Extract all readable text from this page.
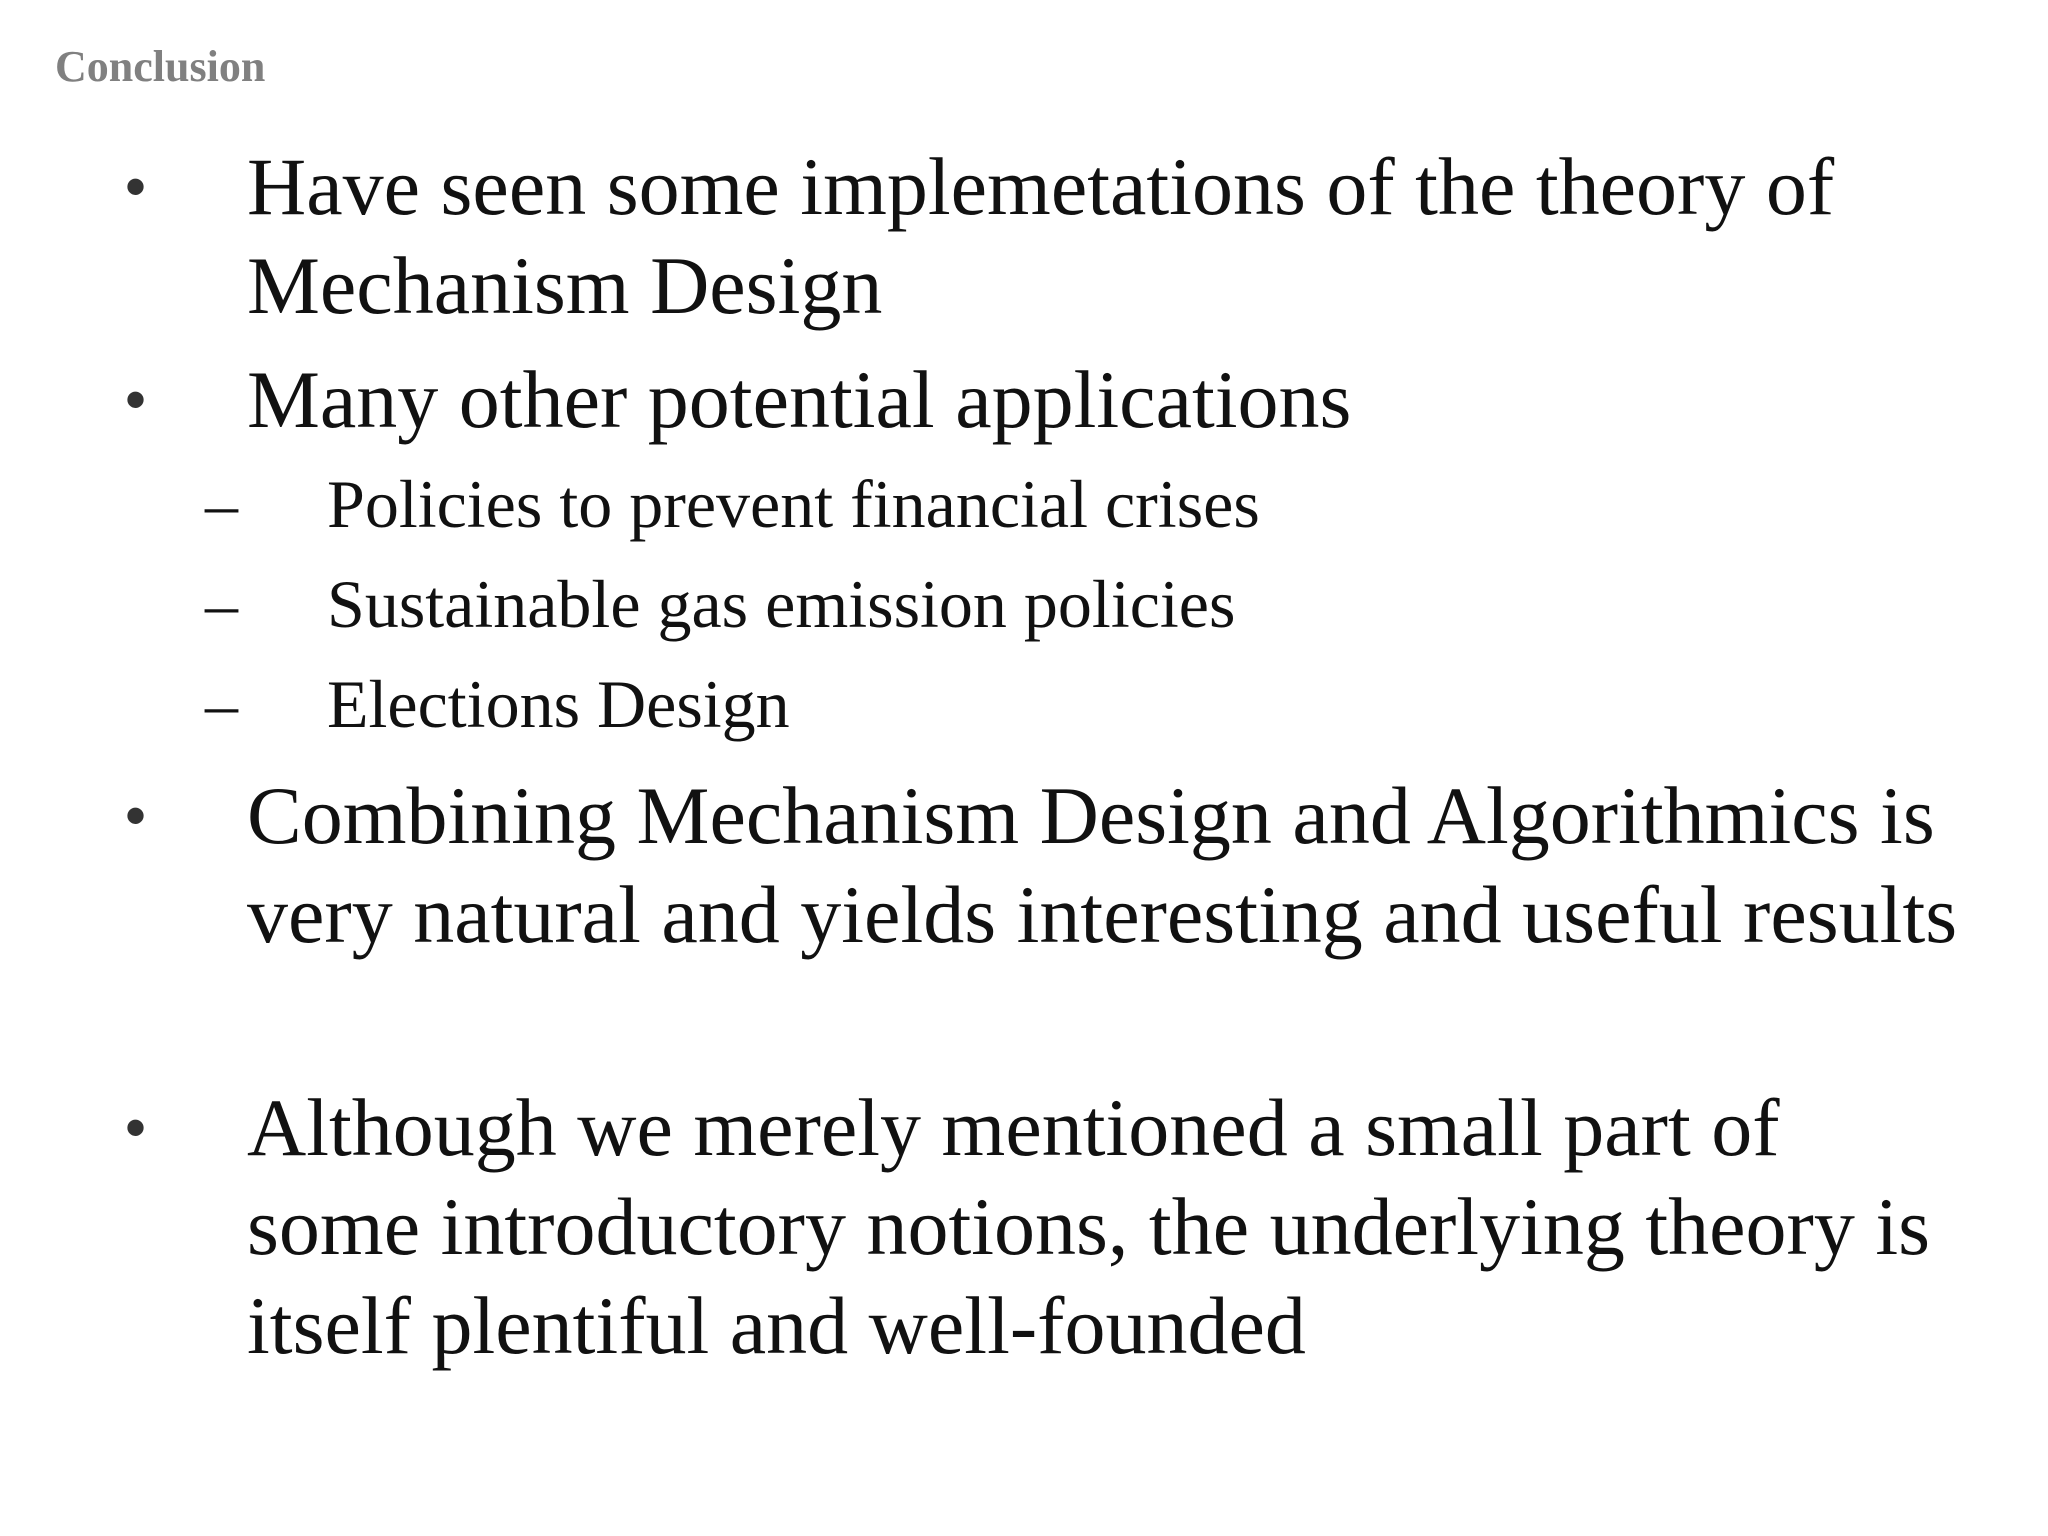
Conclusion
• Have seen some implemetations of the theory of Mechanism Design
• Many other potential applications
– Policies to prevent financial crises
– Sustainable gas emission policies
– Elections Design
• Combining Mechanism Design and Algorithmics is very natural and yields interesting and useful results
• Although we merely mentioned a small part of some introductory notions, the underlying theory is itself plentiful and well-founded
